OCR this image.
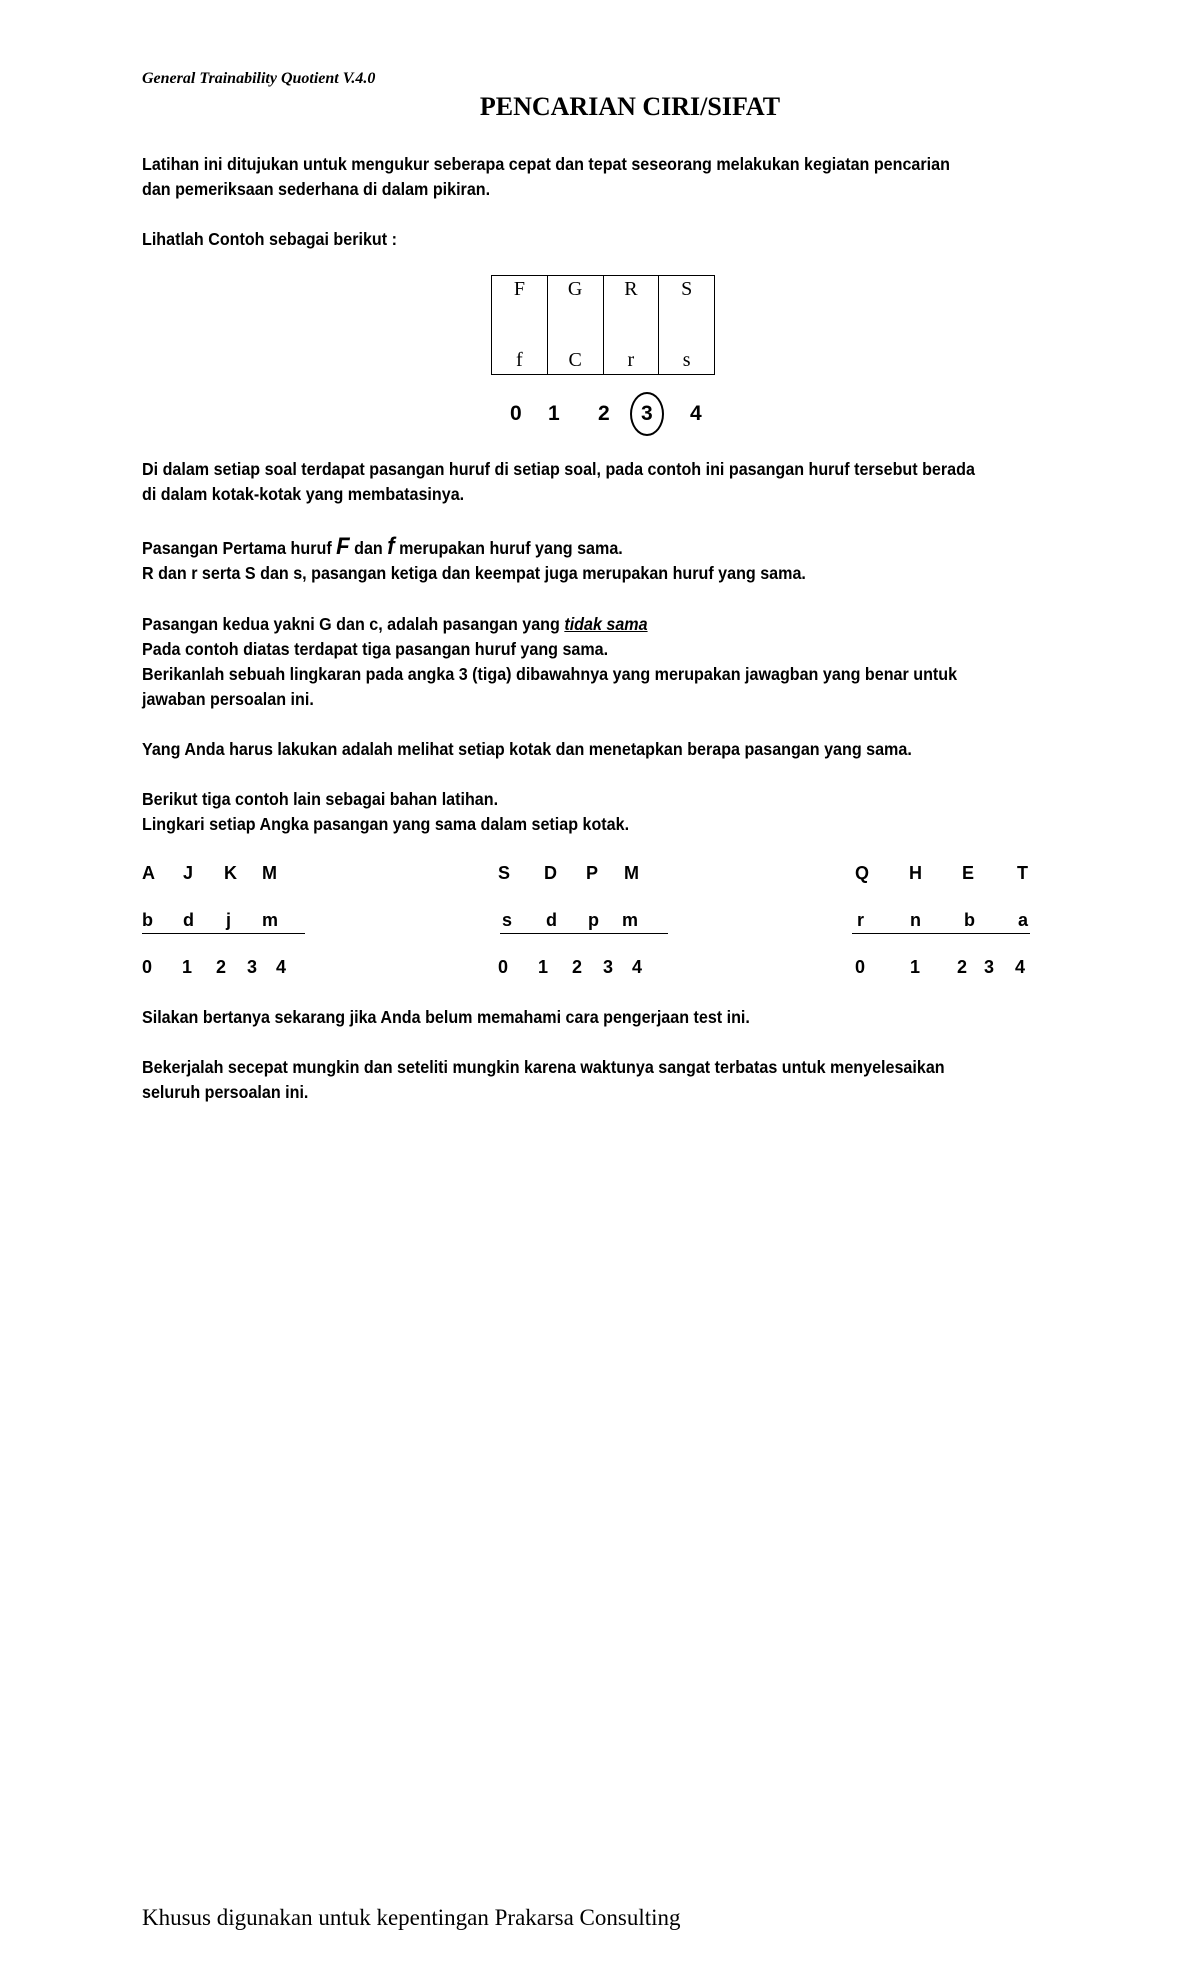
General Trainability Quotient V.4.0
PENCARIAN CIRI/SIFAT
Latihan ini ditujukan untuk mengukur seberapa cepat dan tepat seseorang melakukan kegiatan pencarian
dan pemeriksaan sederhana di dalam pikiran.
Lihatlah Contoh sebagai berikut :
F
f
G
C
R
r
S
s
0 1 2 3 4
Di dalam setiap soal terdapat pasangan huruf di setiap soal, pada contoh ini pasangan huruf tersebut berada
di dalam kotak-kotak yang membatasinya.
Pasangan Pertama huruf F dan f merupakan huruf yang sama.
R dan r serta S dan s, pasangan ketiga dan keempat juga merupakan huruf yang sama.
Pasangan kedua yakni G dan c, adalah pasangan yang tidak sama
Pada contoh diatas terdapat tiga pasangan huruf yang sama.
Berikanlah sebuah lingkaran pada angka 3 (tiga) dibawahnya yang merupakan jawagban yang benar untuk
jawaban persoalan ini.
Yang Anda harus lakukan adalah melihat setiap kotak dan menetapkan berapa pasangan yang sama.
Berikut tiga contoh lain sebagai bahan latihan.
Lingkari setiap Angka pasangan yang sama dalam setiap kotak.
A J K M
b d j m
0 1 2 3 4
S D P M
s d p m
0 1 2 3 4
Q H E T
r	n b a
0 1 2 3 4
Silakan bertanya sekarang jika Anda belum memahami cara pengerjaan test ini.
Bekerjalah secepat mungkin dan seteliti mungkin karena waktunya sangat terbatas untuk menyelesaikan
seluruh persoalan ini.
Khusus digunakan untuk kepentingan Prakarsa Consulting
